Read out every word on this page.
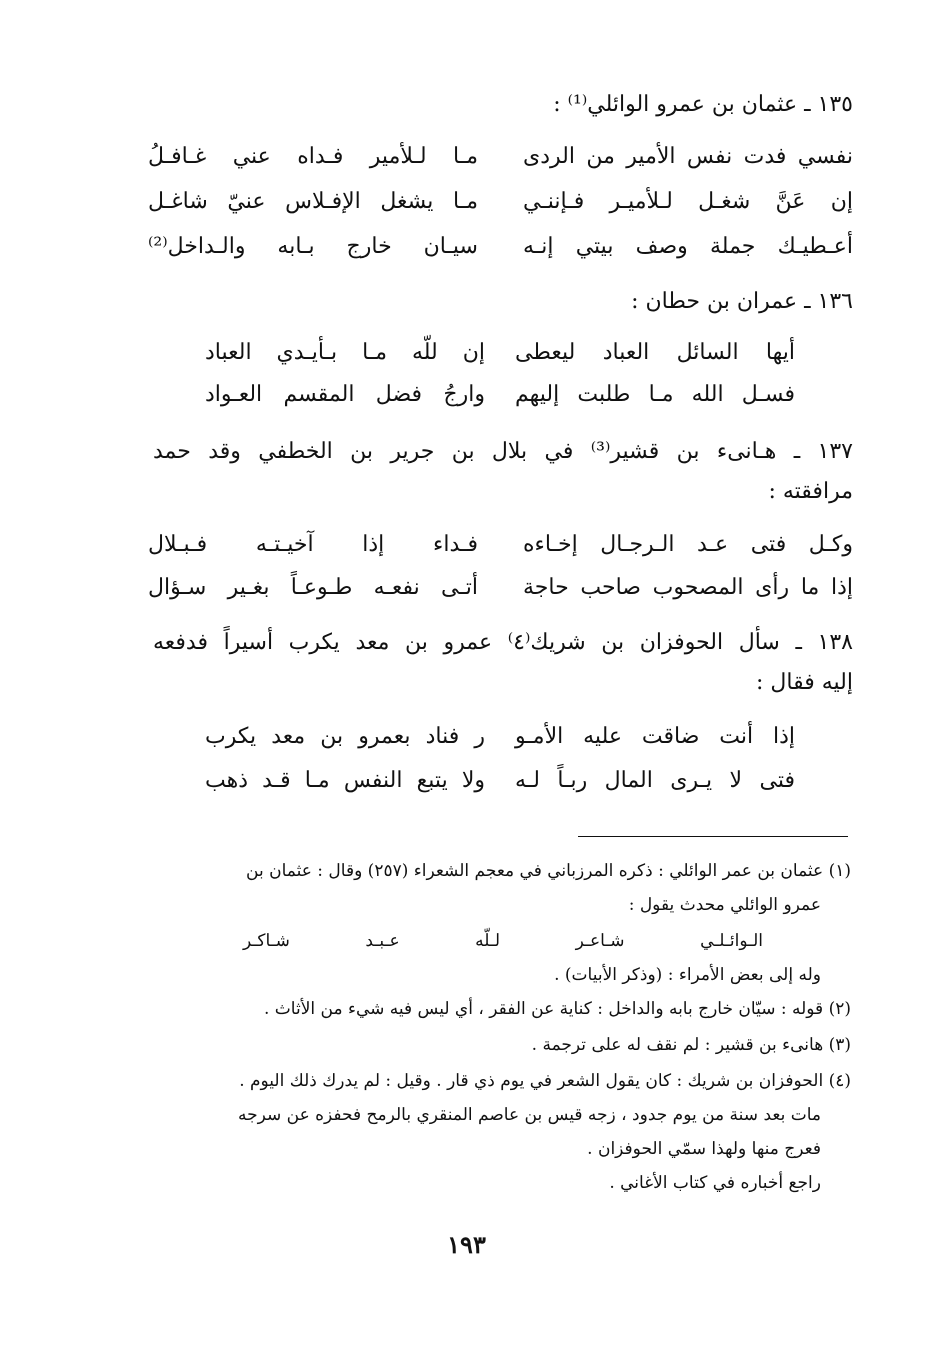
١٣٥ ـ عثمان بن عمرو الوائلي⁽¹⁾ :
نفسي فدت نفس الأمير من الردى
مـا لـلأمير فـداه عني غـافـلُ
إن عَنَّ شغـل لـلأميـر فـإننـي
مـا يشغل الإفـلاس عنيّ شاغـل
أعـطيـك جملة وصف بيتي إنـه
سيـان خارج بـابه والـداخل⁽²⁾
١٣٦ ـ عمران بن حطان :
أيها السائل العباد ليعطى
إن للّه مـا بـأيـدي العباد
فسـل الله مـا طلبت إليهم
وارجُ فضل المقسم العـواد
١٣٧ ـ هـانىء بن قشير⁽³⁾ في بلال بن جرير بن الخطفي وقد حمد
مرافقته :
وكـل فتى عـد الـرجـال إخـاءه
فـداء إذا آخيـتـه فـبـلال
إذا ما رأى المصحوب صاحب حاجة
أتـى نفعـه طـوعـاً بغـير سـؤال
١٣٨ ـ سأل الحوفزان بن شريك⁽٤⁾ عمرو بن معد يكرب أسيراً فدفعه
إليه فقال :
إذا أنت ضاقت عليه الأمـو
ر فناد بعمرو بن معد يكرب
فتى لا يـرى المال ربـاً لـه
ولا يتبع النفس مـا قـد ذهب
(١) عثمان بن عمر الوائلي : ذكره المرزباني في معجم الشعراء (٢٥٧) وقال : عثمان بن
عمرو الوائلي محدث يقول :
الـوائـلـي شـاعـر لـلّه عـبـد شـاكـر
وله إلى بعض الأمراء : (وذكر الأبيات) .
(٢) قوله : سيّان خارج بابه والداخل : كناية عن الفقر ، أي ليس فيه شيء من الأثاث .
(٣) هانىء بن قشير : لم نقف له على ترجمة .
(٤) الحوفزان بن شريك : كان يقول الشعر في يوم ذي قار . وقيل : لم يدرك ذلك اليوم .
مات بعد سنة من يوم جدود ، زجه قيس بن عاصم المنقري بالرمح فحفزه عن سرجه
فعرج منها ولهذا سمّي الحوفزان .
راجع أخباره في كتاب الأغاني .
١٩٣
